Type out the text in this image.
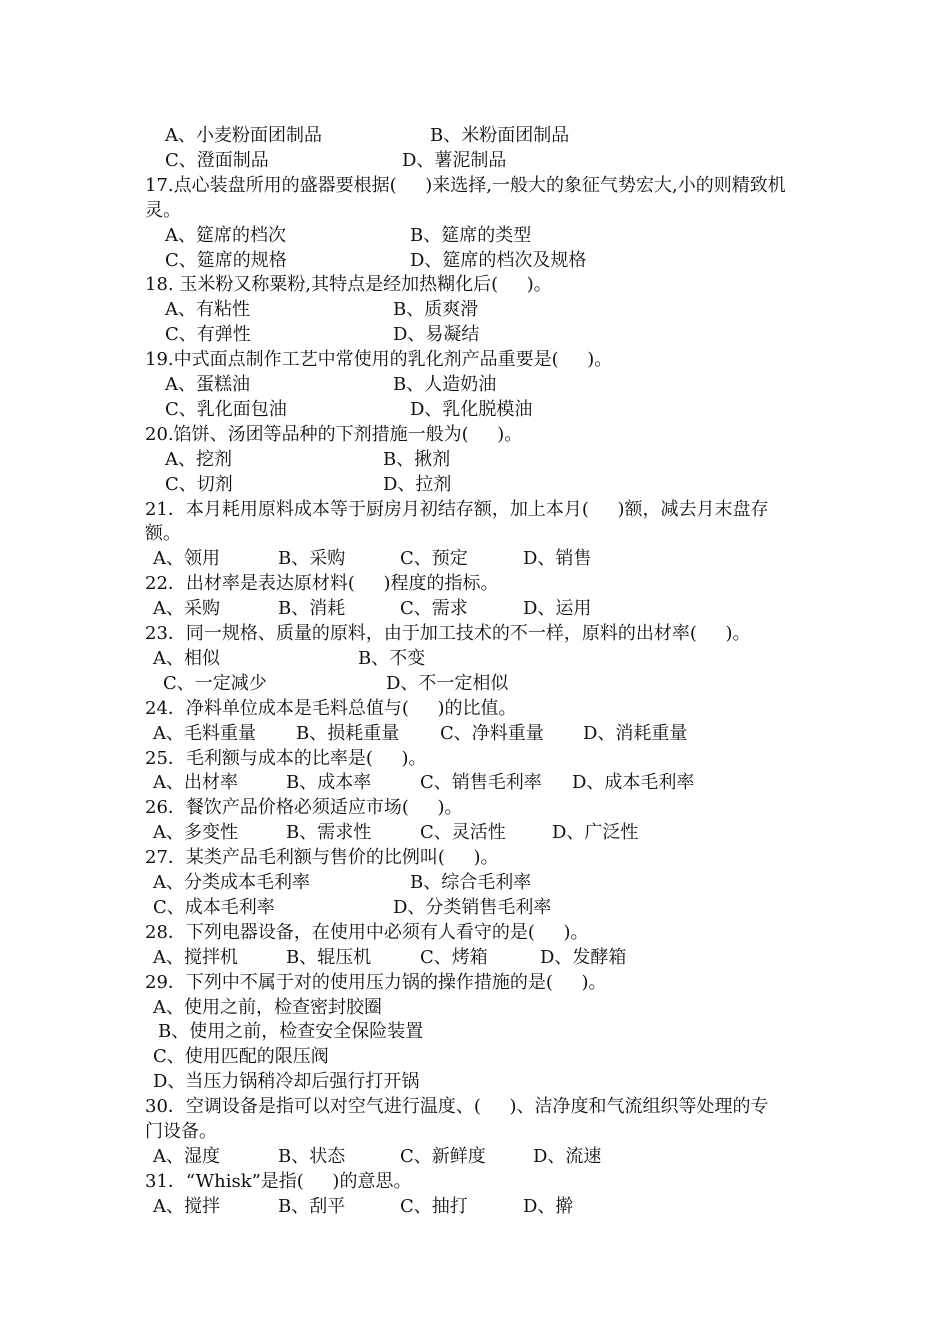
A、小麦粉面团制品	B、米粉面团制品
C、澄面制品	D、薯泥制品
17.点心装盘所用的盛器要根据(     )来选择,一般大的象征气势宏大,小的则精致机
灵。
A、筵席的档次	B、筵席的类型
C、筵席的规格	D、筵席的档次及规格
18. 玉米粉又称粟粉,其特点是经加热糊化后(     )。
A、有粘性	B、质爽滑
C、有弹性	D、易凝结
19.中式面点制作工艺中常使用的乳化剂产品重要是(     )。
A、蛋糕油	B、人造奶油
C、乳化面包油	D、乳化脱模油
20.馅饼、汤团等品种的下剂措施一般为(     )。
A、挖剂	B、揪剂
C、切剂	D、拉剂
21．本月耗用原料成本等于厨房月初结存额，加上本月(     )额，减去月末盘存
额。
A、领用	B、采购	C、预定	D、销售
22．出材率是表达原材料(     )程度的指标。
A、采购	B、消耗	C、需求	D、运用
23．同一规格、质量的原料，由于加工技术的不一样，原料的出材率(     )。
A、相似	B、不变
C、一定减少	D、不一定相似
24．净料单位成本是毛料总值与(     )的比值。
A、毛料重量 B、损耗重量 C、净料重量 D、消耗重量
25．毛利额与成本的比率是(     )。
A、出材率	B、成本率	C、销售毛利率 D、成本毛利率
26．餐饮产品价格必须适应市场(     )。
A、多变性	B、需求性	C、灵活性	D、广泛性
27．某类产品毛利额与售价的比例叫(     )。
A、分类成本毛利率	B、综合毛利率
C、成本毛利率	D、分类销售毛利率
28．下列电器设备，在使用中必须有人看守的是(     )。
A、搅拌机	B、辊压机	C、烤箱	D、发酵箱
29．下列中不属于对的使用压力锅的操作措施的是(     )。
A、使用之前，检查密封胶圈
B、使用之前，检查安全保险装置
C、使用匹配的限压阀
D、当压力锅稍冷却后强行打开锅
30．空调设备是指可以对空气进行温度、(     )、洁净度和气流组织等处理的专
门设备。
A、湿度	B、状态	C、新鲜度	D、流速
31．“Whisk”是指(     )的意思。
A、搅拌	B、刮平	C、抽打	D、擀
